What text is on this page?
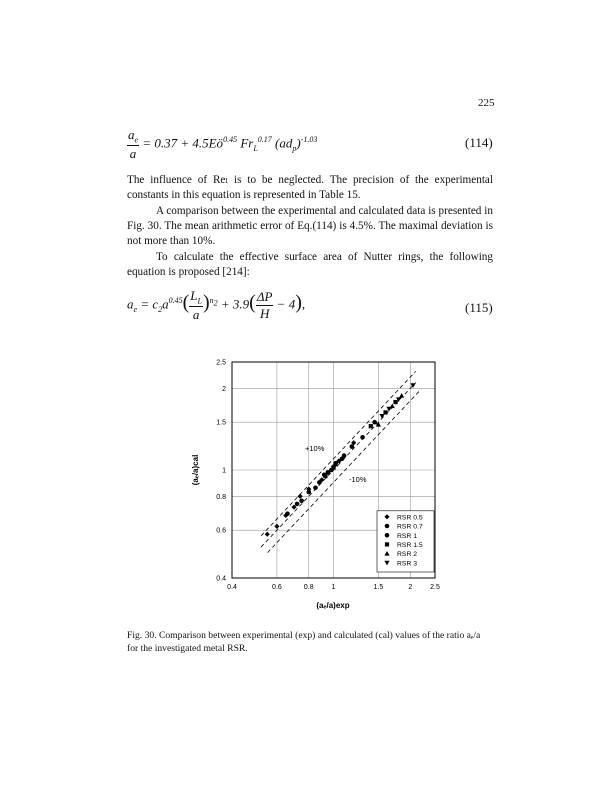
225
$\frac{a_e}{a} = 0.37$ + $4.5Eö^{0.45}$ $Fr_L^{0.17}$ $(ad_p)^{-1.03}$	(114)
The influence of Reₗ is to be neglected. The precision of the experimental constants in this equation is represented in Table 15.
A comparison between the experimental and calculated data is presented in Fig. 30. The mean arithmetic error of Eq.(114) is 4.5%. The maximal deviation is not more than 10%.
To calculate the effective surface area of Nutter rings, the following equation is proposed [214]:
$a_e = c_2a^{0.45}( \frac{L_L}{a} )^{n_2} + 3.9( \frac{\Delta P}{H} - 4)$,	(115)
0.4	0.6	0.8	1	1.5	2	2.5
0.4
0.6
0.8
1
1.5
2
2.5
+10%
-10%
RSR 0.5
RSR 0.7
RSR 1
RSR 1.5
RSR 2
RSR 3
(aₑ/a)exp
(aₑ/a)cal
Fig. 30. Comparison between experimental (exp) and calculated (cal) values of the ratio aₑ/a for the investigated metal RSR.
